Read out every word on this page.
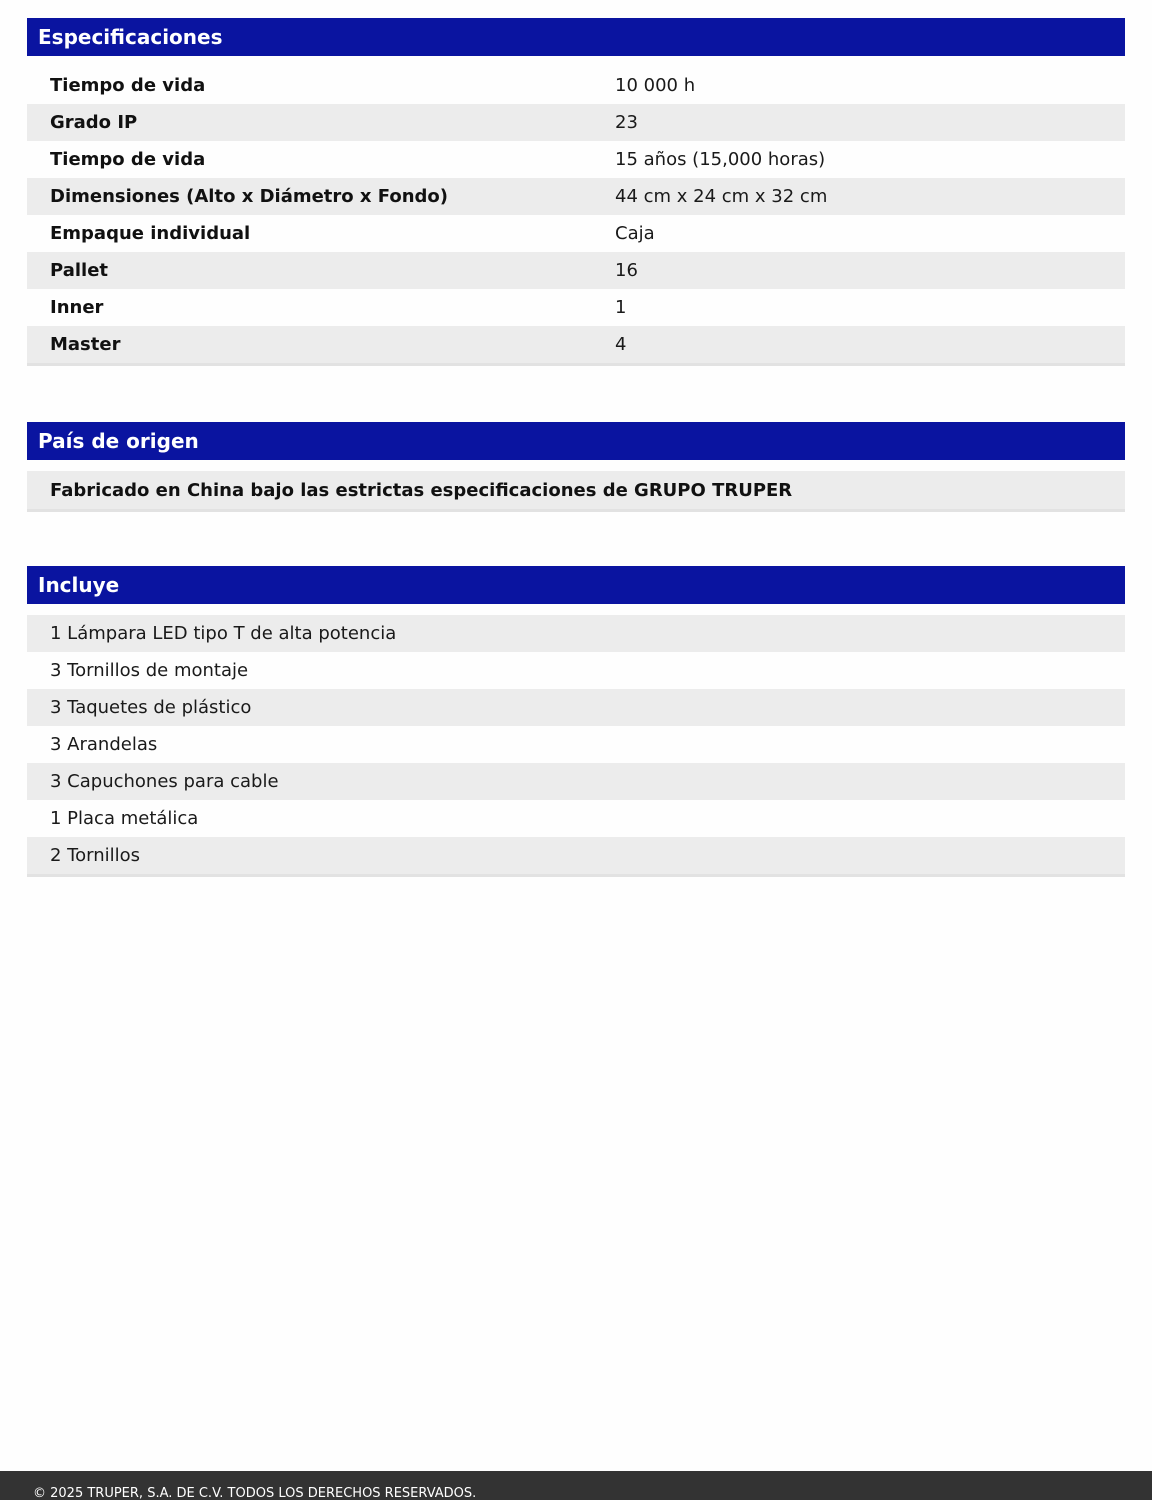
Especificaciones
Tiempo de vida	10 000 h
Grado IP	23
Tiempo de vida	15 años (15,000 horas)
Dimensiones (Alto x Diámetro x Fondo)	44 cm x 24 cm x 32 cm
Empaque individual	Caja
Pallet	16
Inner	1
Master	4
País de origen
Fabricado en China bajo las estrictas especificaciones de GRUPO TRUPER
Incluye
1 Lámpara LED tipo T de alta potencia
3 Tornillos de montaje
3 Taquetes de plástico
3 Arandelas
3 Capuchones para cable
1 Placa metálica
2 Tornillos
© 2025 TRUPER, S.A. DE C.V. TODOS LOS DERECHOS RESERVADOS.
